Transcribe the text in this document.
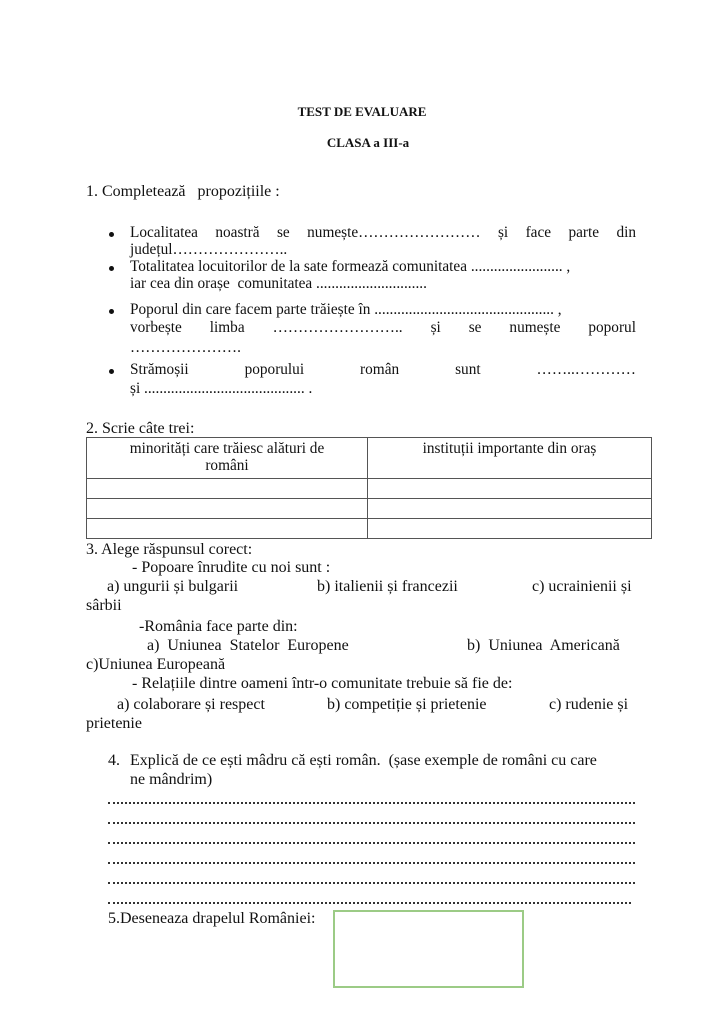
TEST DE EVALUARE
CLASA a III-a
1. Completează   propozițiile :
Localitatea noastră se numește…………………… și face parte din
județul…………………..
Totalitatea locuitorilor de la sate formează comunitatea ........................ ,
iar cea din orașe  comunitatea .............................
Poporul din care facem parte trăiește în ............................................... ,
vorbește limba …………………….. și se numește poporul
………………….
Strămoșii	poporului	român	sunt	……..…………
și .......................................... .
2. Scrie câte trei:
minorități care trăiesc alături de
români	instituții importante din oraș

3. Alege răspunsul corect:
- Popoare înrudite cu noi sunt :
a) ungurii și bulgarii	b) italienii și francezii	c) ucrainienii și
sârbii
-România face parte din:
a)  Uniunea  Statelor  Europene	b)  Uniunea  Americană
c)Uniunea Europeană
- Relațiile dintre oameni într-o comunitate trebuie să fie de:
a) colaborare și respect	b) competiție și prietenie	c) rudenie și
prietenie
4. Explică de ce ești mâdru că ești român.  (șase exemple de români cu care
ne mândrim)
5.Deseneaza drapelul României:
